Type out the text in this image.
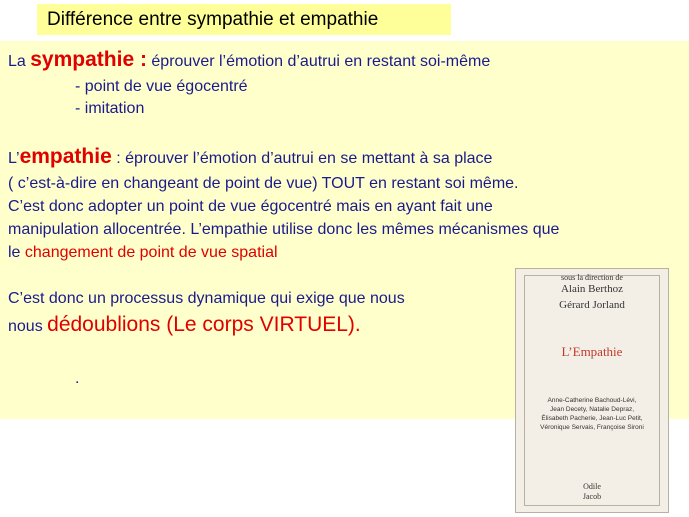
Différence entre sympathie et empathie
La sympathie : éprouver l’émotion d’autrui en restant soi-même
- point de vue égocentré
- imitation
L’empathie : éprouver l’émotion d’autrui en se mettant à sa place
( c’est-à-dire en changeant de point de vue) TOUT en restant soi même.
C’est donc adopter un point de vue égocentré mais en ayant fait une
manipulation allocentrée. L’empathie utilise donc les mêmes mécanismes que
le changement de point de vue spatial
C’est donc un processus dynamique qui exige que nous
nous dédoublions (Le corps VIRTUEL).
.
sous la direction de
Alain Berthoz
Gérard Jorland
L’Empathie
Anne-Catherine Bachoud-Lévi,
Jean Decety, Natalie Depraz,
Élisabeth Pacherie, Jean-Luc Petit,
Véronique Servais, Françoise Sironi
Odile
Jacob
